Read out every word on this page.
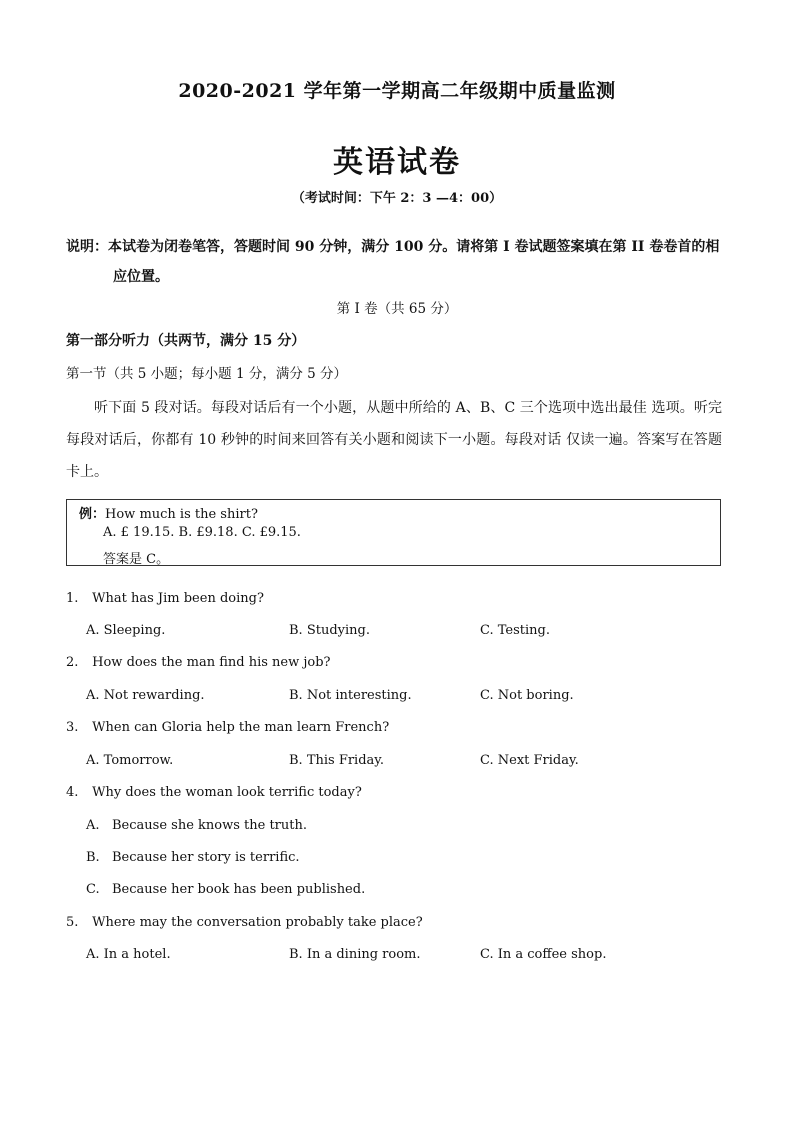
2020-2021 学年第一学期高二年级期中质量监测
英语试卷
（考试时间：下午 2：3 —4：00）
说明：本试卷为闭卷笔答，答题时间 90 分钟，满分 100 分。请将第 I 卷试题签案填在第 II 卷卷首的相
应位置。
第 I 卷（共 65 分）
第一部分听力（共两节，满分 15 分）
第一节（共 5 小题；每小题 1 分，满分 5 分）
听下面 5 段对话。每段对话后有一个小题，从题中所给的 A、B、C 三个选项中选出最佳 选项。听完每段对话后，你都有 10 秒钟的时间来回答有关小题和阅读下一小题。每段对话 仅读一遍。答案写在答题卡上。
例：How much is the shirt?
A. £ 19.15. B. £9.18. C. £9.15.
答案是 C。
1. What has Jim been doing?
A. Sleeping.	B. Studying.	C. Testing.
2. How does the man find his new job?
A. Not rewarding.	B. Not interesting.	C. Not boring.
3. When can Gloria help the man learn French?
A. Tomorrow.	B. This Friday.	C. Next Friday.
4. Why does the woman look terrific today?
A. Because she knows the truth.
B. Because her story is terrific.
C. Because her book has been published.
5. Where may the conversation probably take place?
A. In a hotel.	B. In a dining room.	C. In a coffee shop.
